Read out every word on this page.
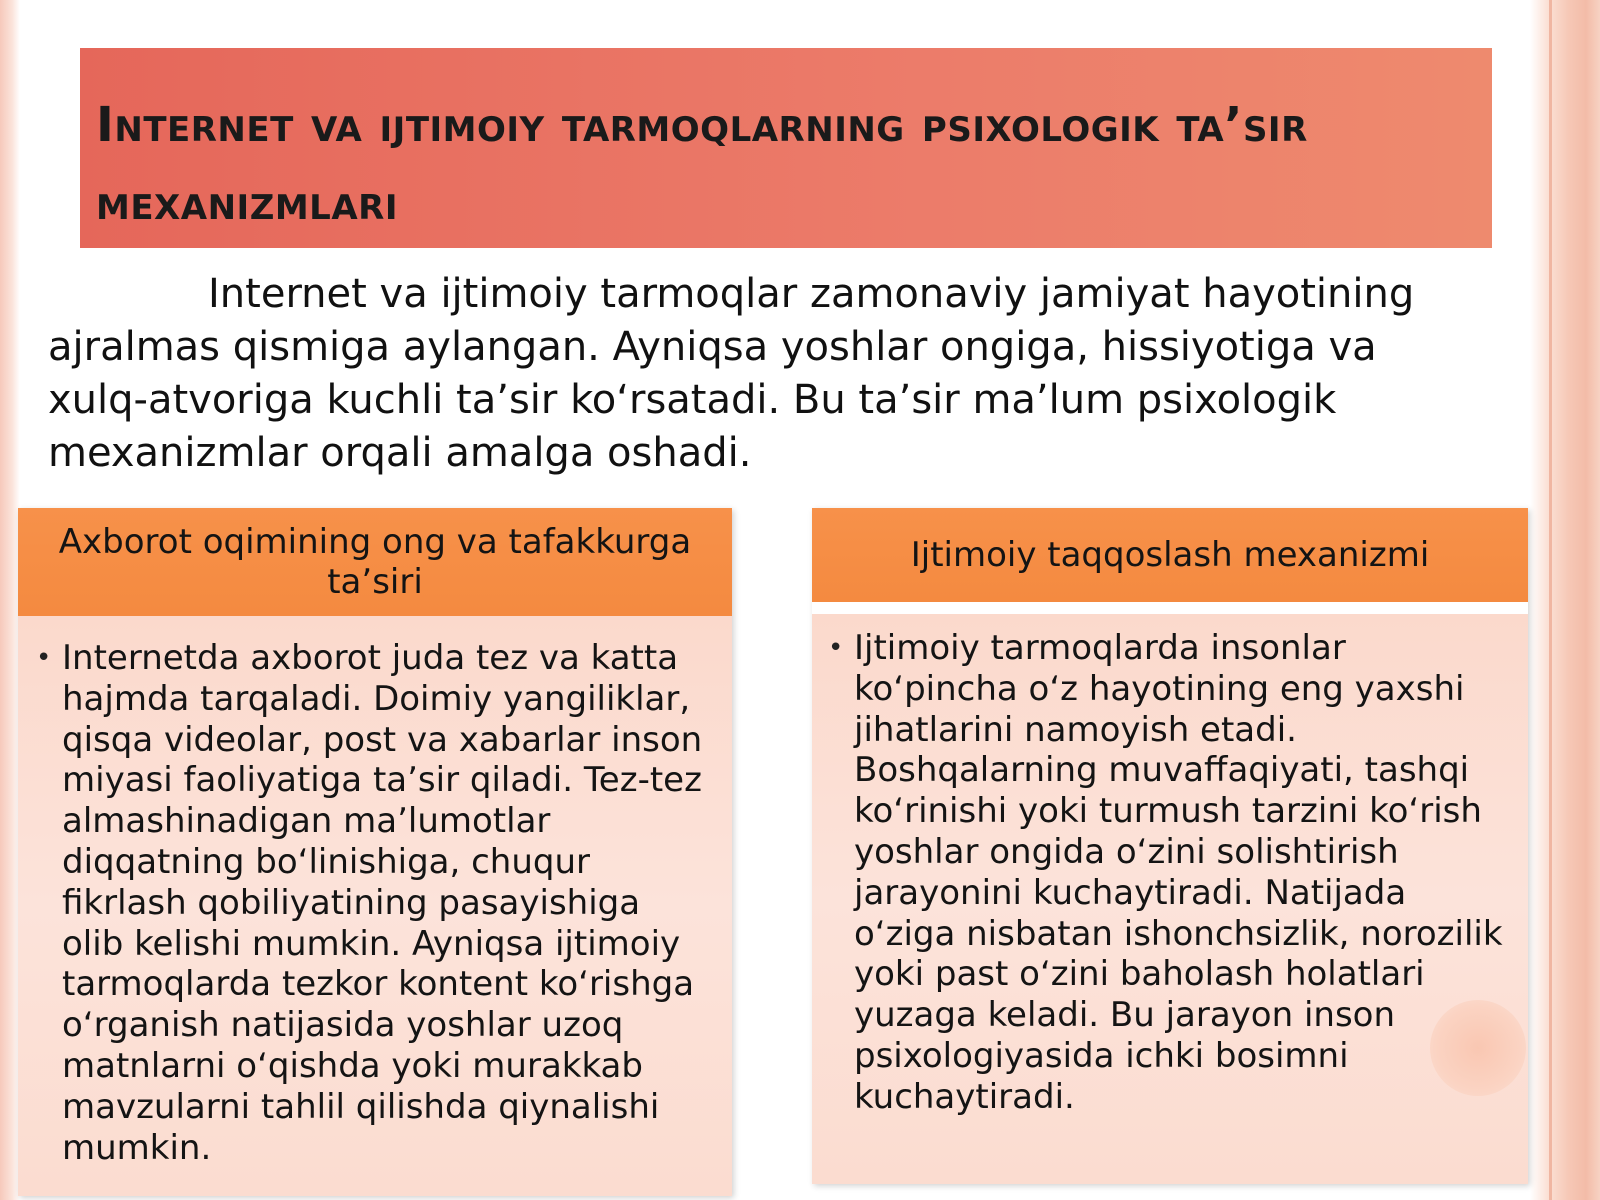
Internet va ijtimoiy tarmoqlarning psixologik ta’sir mexanizmlari

Internet va ijtimoiy tarmoqlar zamonaviy jamiyat hayotining ajralmas qismiga aylangan. Ayniqsa yoshlar ongiga, hissiyotiga va xulq-atvoriga kuchli ta’sir ko‘rsatadi. Bu ta’sir ma’lum psixologik mexanizmlar orqali amalga oshadi.

Axborot oqimining ong va tafakkurga ta’siri
• Internetda axborot juda tez va katta hajmda tarqaladi. Doimiy yangiliklar, qisqa videolar, post va xabarlar inson miyasi faoliyatiga ta’sir qiladi. Tez-tez almashinadigan ma’lumotlar diqqatning bo‘linishiga, chuqur fikrlash qobiliyatining pasayishiga olib kelishi mumkin. Ayniqsa ijtimoiy tarmoqlarda tezkor kontent ko‘rishga o‘rganish natijasida yoshlar uzoq matnlarni o‘qishda yoki murakkab mavzularni tahlil qilishda qiynalishi mumkin.

Ijtimoiy taqqoslash mexanizmi
• Ijtimoiy tarmoqlarda insonlar ko‘pincha o‘z hayotining eng yaxshi jihatlarini namoyish etadi. Boshqalarning muvaffaqiyati, tashqi ko‘rinishi yoki turmush tarzini ko‘rish yoshlar ongida o‘zini solishtirish jarayonini kuchaytiradi. Natijada o‘ziga nisbatan ishonchsizlik, norozilik yoki past o‘zini baholash holatlari yuzaga keladi. Bu jarayon inson psixologiyasida ichki bosimni kuchaytiradi.
